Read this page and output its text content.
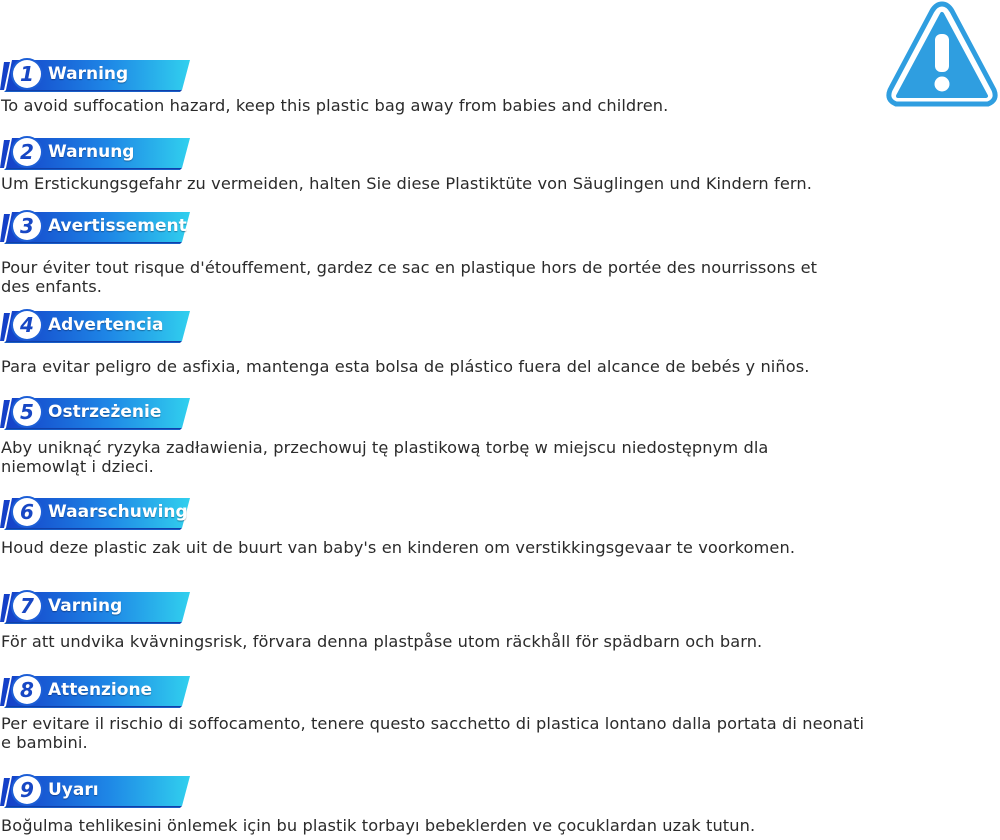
1 Warning
To avoid suffocation hazard, keep this plastic bag away from babies and children.
2 Warnung
Um Erstickungsgefahr zu vermeiden, halten Sie diese Plastiktüte von Säuglingen und Kindern fern.
3 Avertissement
Pour éviter tout risque d'étouffement, gardez ce sac en plastique hors de portée des nourrissons et
des enfants.
4 Advertencia
Para evitar peligro de asfixia, mantenga esta bolsa de plástico fuera del alcance de bebés y niños.
5 Ostrzeżenie
Aby uniknąć ryzyka zadławienia, przechowuj tę plastikową torbę w miejscu niedostępnym dla
niemowląt i dzieci.
6 Waarschuwing
Houd deze plastic zak uit de buurt van baby's en kinderen om verstikkingsgevaar te voorkomen.
7 Varning
För att undvika kvävningsrisk, förvara denna plastpåse utom räckhåll för spädbarn och barn.
8 Attenzione
Per evitare il rischio di soffocamento, tenere questo sacchetto di plastica lontano dalla portata di neonati
e bambini.
9 Uyarı
Boğulma tehlikesini önlemek için bu plastik torbayı bebeklerden ve çocuklardan uzak tutun.
